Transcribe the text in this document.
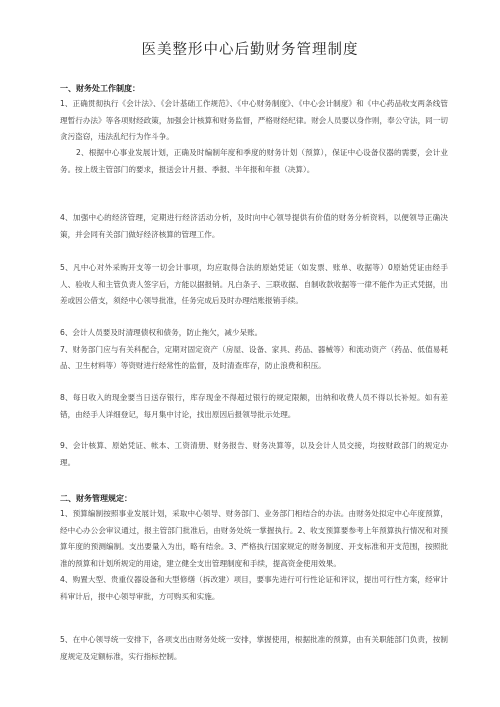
医美整形中心后勤财务管理制度
一、财务处工作制度：
1、正确贯彻执行《会计法》、《会计基础工作规范》、《中心财务制度》、《中心会计制度》和《中心药品收支两条线管理暂行办法》等各项财经政策，加强会计核算和财务监督，严格财经纪律。财会人员要以身作则，奉公守法，同一切贪污盗窃，违法乱纪行为作斗争。
2、根据中心事业发展计划，正确及时编制年度和季度的财务计划（预算），保证中心设备仪器的需要，会计业务。按上级主管部门的要求，报送会计月报、季报、半年报和年报（决算）。
4、加强中心的经济管理，定期进行经济活动分析，及时向中心领导提供有价值的财务分析资料，以便领导正确决策，并会同有关部门做好经济核算的管理工作。
5、凡中心对外采购开支等一切会计事项，均应取得合法的原始凭证（如发票、账单、收据等）0原始凭证由经手人、验收人和主管负责人签字后，方能以据报销。凡白条子、三联收据、自制收款收据等一律不能作为正式凭据，出差或因公借支，须经中心领导批准，任务完成后及时办理结账报销手续。
6、会计人员要及时清理债权和债务，防止拖欠，减少呆账。
7、财务部门应与有关科配合，定期对固定资产（房屋、设备、家具、药品、器械等）和流动资产（药品、低值易耗品、卫生材料等）等资财进行经常性的监督，及时清查库存，防止浪费和积压。
8、每日收入的现金要当日送存银行，库存现金不得超过银行的规定限额，出纳和收费人员不得以长补短。如有差错，由经手人详细登记，每月集中讨论，找出原因后报领导批示处理。
9、会计核算、原始凭证、帐本、工资清册、财务报告、财务决算等，以及会计人员交接，均按财政部门的规定办理。
二、财务管理规定：
1、预算编制按照事业发展计划，采取中心领导、财务部门、业务部门相结合的办法。由财务处拟定中心年度预算，经中心办公会审议通过，报主管部门批准后，由财务处统一掌握执行。2、收支预算要参考上年预算执行情况和对预算年度的预测编制。支出要量入为出，略有结余。3、严格执行国家规定的财务制度、开支标准和开支范围，按照批准的预算和计划所规定的用途，建立健全支出管理制度和手续，提高资金使用效果。
4、购置大型、贵重仪器设备和大型修缮（拆改建）项目，要事先进行可行性论证和评议，提出可行性方案，经审计科审计后，报中心领导审批，方可购买和实施。
5、在中心领导统一安排下，各项支出由财务处统一安排，掌握使用，根据批准的预算，由有关职能部门负责，按制度规定及定额标准，实行指标控制。
